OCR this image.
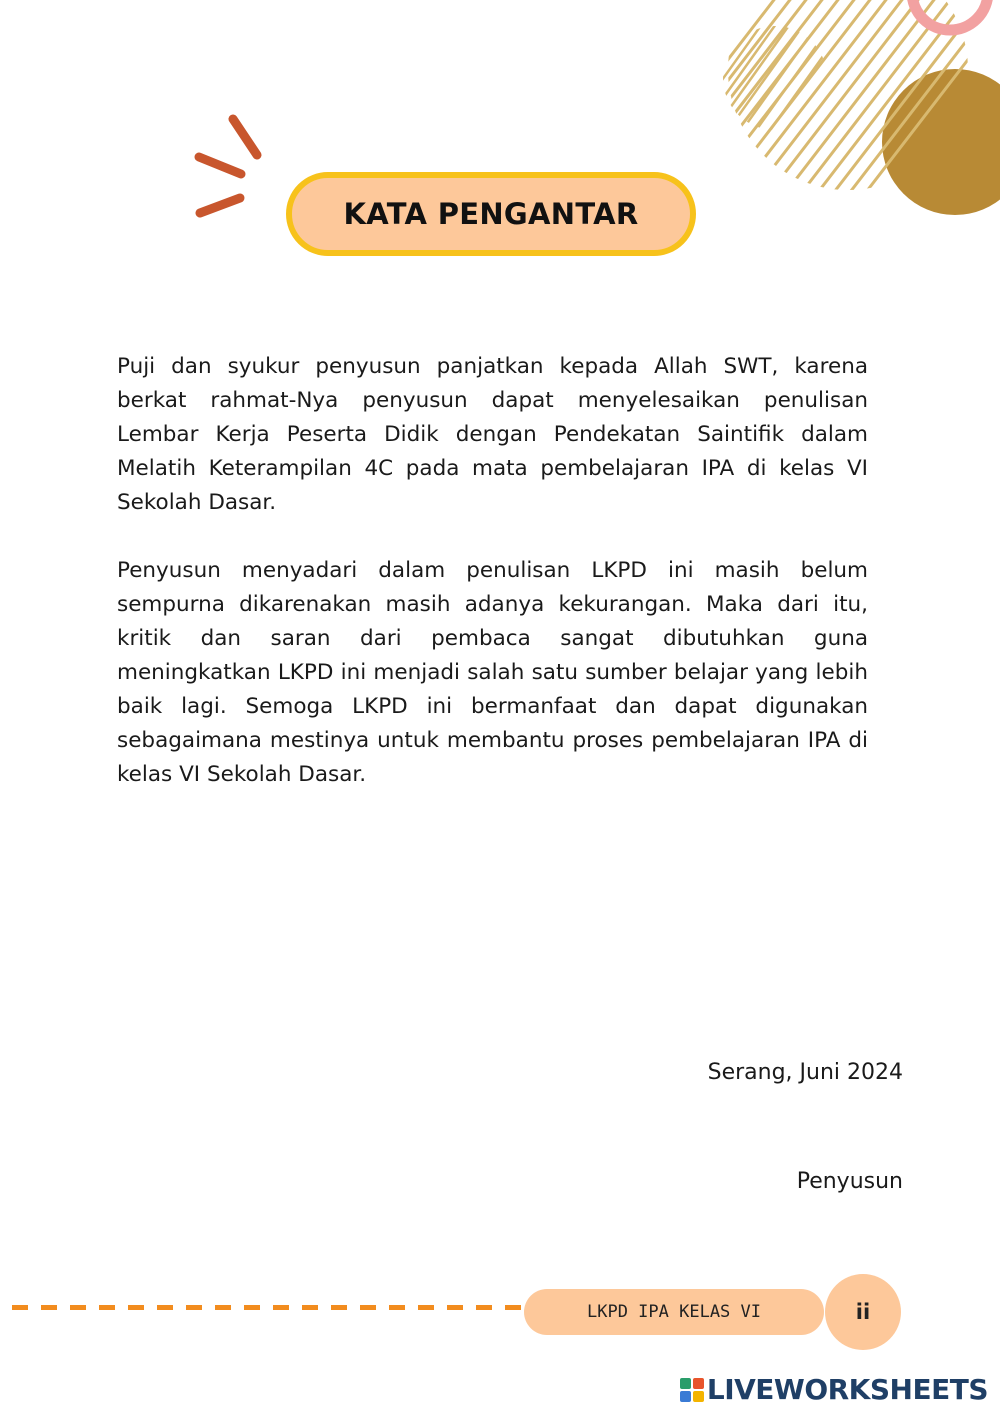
KATA PENGANTAR

Puji dan syukur penyusun panjatkan kepada Allah SWT, karena berkat rahmat-Nya penyusun dapat menyelesaikan penulisan Lembar Kerja Peserta Didik dengan Pendekatan Saintifik dalam Melatih Keterampilan 4C pada mata pembelajaran IPA di kelas VI Sekolah Dasar.

Penyusun menyadari dalam penulisan LKPD ini masih belum sempurna dikarenakan masih adanya kekurangan. Maka dari itu, kritik dan saran dari pembaca sangat dibutuhkan guna meningkatkan LKPD ini menjadi salah satu sumber belajar yang lebih baik lagi. Semoga LKPD ini bermanfaat dan dapat digunakan sebagaimana mestinya untuk membantu proses pembelajaran IPA di kelas VI Sekolah Dasar.

Serang, Juni 2024
Penyusun
LKPD IPA KELAS VI	ii
LIVEWORKSHEETS
